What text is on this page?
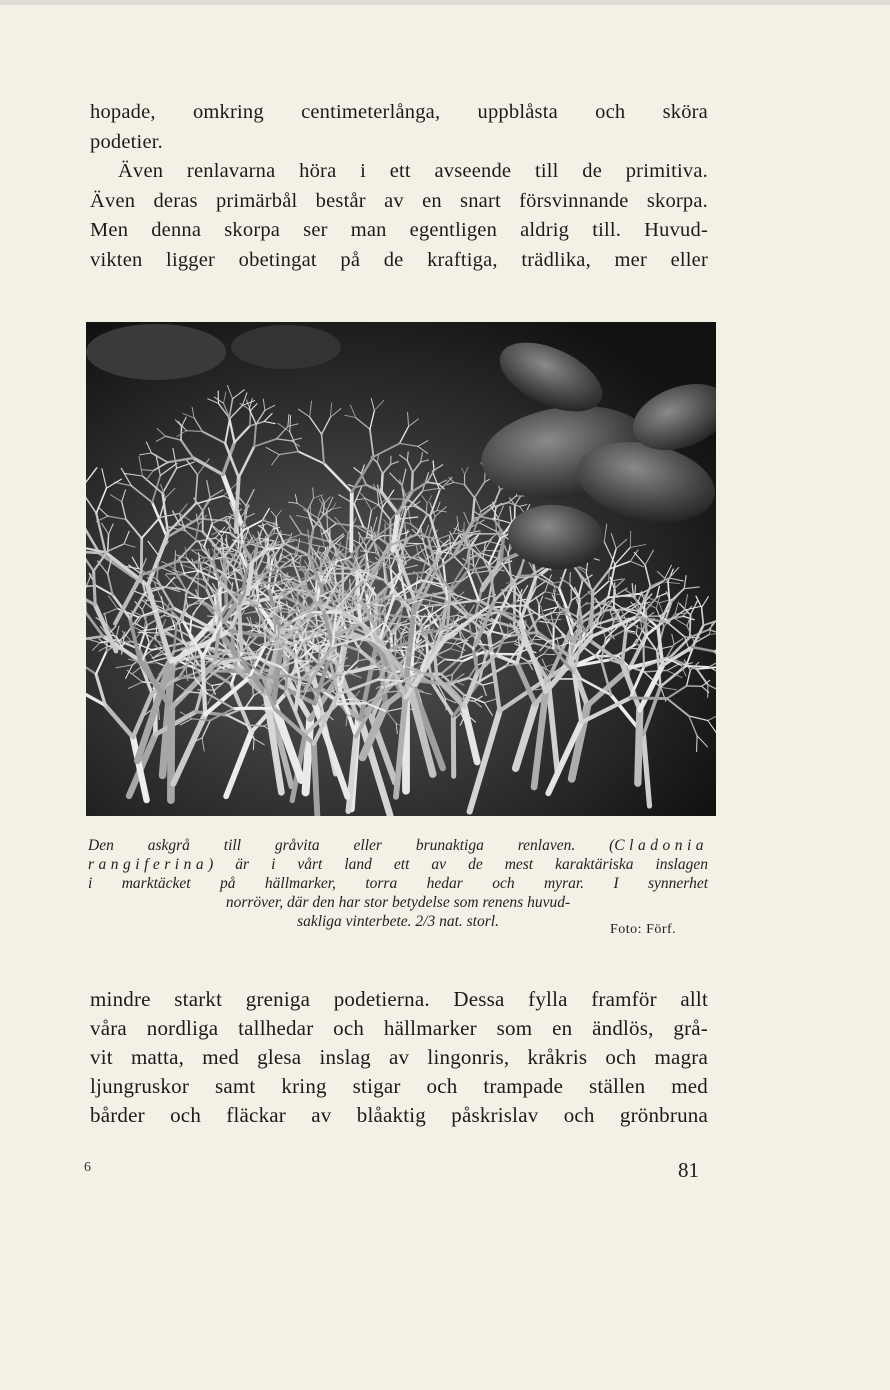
hopade, omkring centimeterlånga, uppblåsta och sköra
podetier.
Även renlavarna höra i ett avseende till de primitiva.
Även deras primärbål består av en snart försvinnande skorpa.
Men denna skorpa ser man egentligen aldrig till. Huvud-
vikten ligger obetingat på de kraftiga, trädlika, mer eller
Den askgrå till gråvita eller brunaktiga renlaven. (Cladonia
rangiferina) är i vårt land ett av de mest karaktäriska inslagen
i marktäcket på hällmarker, torra hedar och myrar. I synnerhet
norröver, där den har stor betydelse som renens huvud-
sakliga vinterbete. 2/3 nat. storl.	Foto: Förf.
mindre starkt greniga podetierna. Dessa fylla framför allt
våra nordliga tallhedar och hällmarker som en ändlös, grå-
vit matta, med glesa inslag av lingonris, kråkris och magra
ljungruskor samt kring stigar och trampade ställen med
bårder och fläckar av blåaktig påskrislav och grönbruna
6	81
